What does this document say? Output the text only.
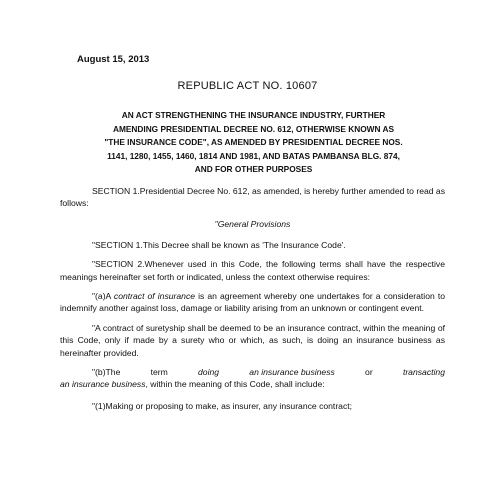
August 15, 2013
REPUBLIC ACT NO. 10607
AN ACT STRENGTHENING THE INSURANCE INDUSTRY, FURTHER
AMENDING PRESIDENTIAL DECREE NO. 612, OTHERWISE KNOWN AS
"THE INSURANCE CODE", AS AMENDED BY PRESIDENTIAL DECREE NOS.
1141, 1280, 1455, 1460, 1814 AND 1981, AND BATAS PAMBANSA BLG. 874,
AND FOR OTHER PURPOSES

SECTION 1.Presidential Decree No. 612, as amended, is hereby further amended to read as follows:

"General Provisions

"SECTION 1.This Decree shall be known as 'The Insurance Code'.

"SECTION 2.Whenever used in this Code, the following terms shall have the respective meanings hereinafter set forth or indicated, unless the context otherwise requires:

"(a)A contract of insurance is an agreement whereby one undertakes for a consideration to indemnify another against loss, damage or liability arising from an unknown or contingent event.

"A contract of suretyship shall be deemed to be an insurance contract, within the meaning of this Code, only if made by a surety who or which, as such, is doing an insurance business as hereinafter provided.

"(b)The	term	doing	an insurance business	or	transacting
an insurance business , within the meaning of this Code, shall include:

"(1)Making or proposing to make, as insurer, any insurance contract;
